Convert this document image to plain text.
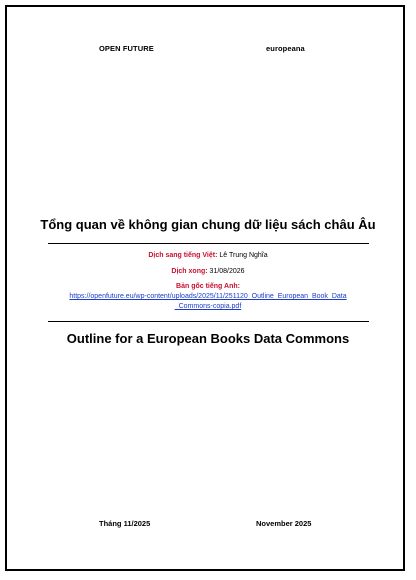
OPEN FUTURE	europeana
Tổng quan về không gian chung dữ liệu sách châu Âu
Dịch sang tiếng Việt: Lê Trung Nghĩa
Dịch xong: 31/08/2026
Bản gốc tiếng Anh:
https://openfuture.eu/wp-content/uploads/2025/11/251120_Outline_European_Book_Data
_Commons-copia.pdf
Outline for a European Books Data Commons
Tháng 11/2025	November 2025
